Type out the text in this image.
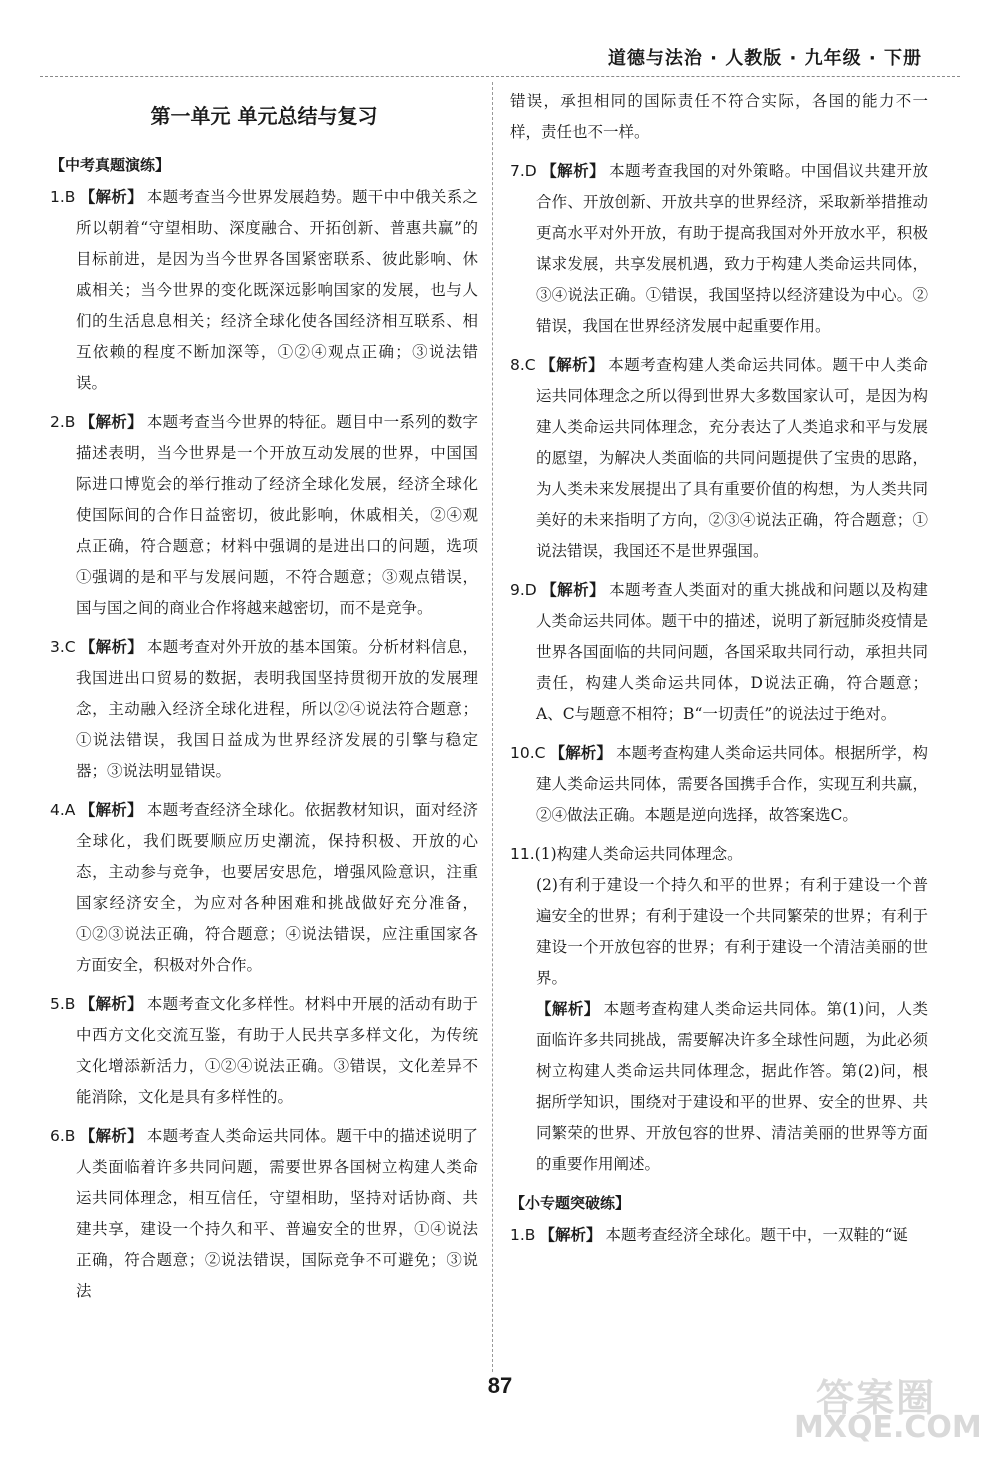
道德与法治 · 人教版 · 九年级 · 下册
第一单元 单元总结与复习
【中考真题演练】
1.B 【解析】 本题考查当今世界发展趋势。题干中中俄关系之所以朝着“守望相助、深度融合、开拓创新、普惠共赢”的目标前进，是因为当今世界各国紧密联系、彼此影响、休戚相关；当今世界的变化既深远影响国家的发展，也与人们的生活息息相关；经济全球化使各国经济相互联系、相互依赖的程度不断加深等，①②④观点正确；③说法错误。
2.B 【解析】 本题考查当今世界的特征。题目中一系列的数字描述表明，当今世界是一个开放互动发展的世界，中国国际进口博览会的举行推动了经济全球化发展，经济全球化使国际间的合作日益密切，彼此影响，休戚相关，②④观点正确，符合题意；材料中强调的是进出口的问题，选项①强调的是和平与发展问题，不符合题意；③观点错误，国与国之间的商业合作将越来越密切，而不是竞争。
3.C 【解析】 本题考查对外开放的基本国策。分析材料信息，我国进出口贸易的数据，表明我国坚持贯彻开放的发展理念，主动融入经济全球化进程，所以②④说法符合题意；①说法错误，我国日益成为世界经济发展的引擎与稳定器；③说法明显错误。
4.A 【解析】 本题考查经济全球化。依据教材知识，面对经济全球化，我们既要顺应历史潮流，保持积极、开放的心态，主动参与竞争，也要居安思危，增强风险意识，注重国家经济安全，为应对各种困难和挑战做好充分准备，①②③说法正确，符合题意；④说法错误，应注重国家各方面安全，积极对外合作。
5.B 【解析】 本题考查文化多样性。材料中开展的活动有助于中西方文化交流互鉴，有助于人民共享多样文化，为传统文化增添新活力，①②④说法正确。③错误，文化差异不能消除，文化是具有多样性的。
6.B 【解析】 本题考查人类命运共同体。题干中的描述说明了人类面临着许多共同问题，需要世界各国树立构建人类命运共同体理念，相互信任，守望相助，坚持对话协商、共建共享，建设一个持久和平、普遍安全的世界，①④说法正确，符合题意；②说法错误，国际竞争不可避免；③说法
错误，承担相同的国际责任不符合实际，各国的能力不一样，责任也不一样。
7.D 【解析】 本题考查我国的对外策略。中国倡议共建开放合作、开放创新、开放共享的世界经济，采取新举措推动更高水平对外开放，有助于提高我国对外开放水平，积极谋求发展，共享发展机遇，致力于构建人类命运共同体，③④说法正确。①错误，我国坚持以经济建设为中心。②错误，我国在世界经济发展中起重要作用。
8.C 【解析】 本题考查构建人类命运共同体。题干中人类命运共同体理念之所以得到世界大多数国家认可，是因为构建人类命运共同体理念，充分表达了人类追求和平与发展的愿望，为解决人类面临的共同问题提供了宝贵的思路，为人类未来发展提出了具有重要价值的构想，为人类共同美好的未来指明了方向，②③④说法正确，符合题意；①说法错误，我国还不是世界强国。
9.D 【解析】 本题考查人类面对的重大挑战和问题以及构建人类命运共同体。题干中的描述，说明了新冠肺炎疫情是世界各国面临的共同问题，各国采取共同行动，承担共同责任，构建人类命运共同体，D说法正确，符合题意；A、C与题意不相符；B“一切责任”的说法过于绝对。
10.C 【解析】 本题考查构建人类命运共同体。根据所学，构建人类命运共同体，需要各国携手合作，实现互利共赢，②④做法正确。本题是逆向选择，故答案选C。
11.(1)构建人类命运共同体理念。
(2)有利于建设一个持久和平的世界；有利于建设一个普遍安全的世界；有利于建设一个共同繁荣的世界；有利于建设一个开放包容的世界；有利于建设一个清洁美丽的世界。
【解析】 本题考查构建人类命运共同体。第(1)问，人类面临许多共同挑战，需要解决许多全球性问题，为此必须树立构建人类命运共同体理念，据此作答。第(2)问，根据所学知识，围绕对于建设和平的世界、安全的世界、共同繁荣的世界、开放包容的世界、清洁美丽的世界等方面的重要作用阐述。
【小专题突破练】
1.B 【解析】 本题考查经济全球化。题干中，一双鞋的“诞
87	答案圈
MXQE.COM
